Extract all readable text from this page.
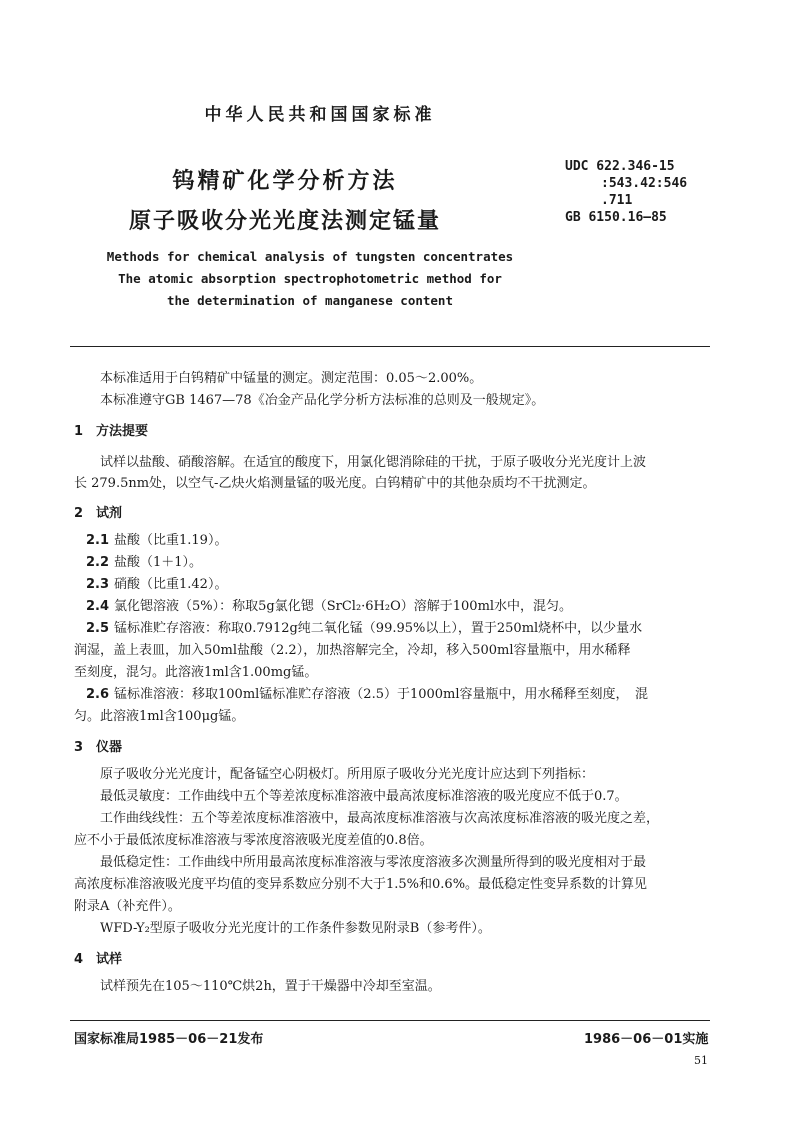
中华人民共和国国家标准
钨精矿化学分析方法
原子吸收分光光度法测定锰量
UDC 622.346-15
:543.42:546
.711
GB 6150.16—85
Methods for chemical analysis of tungsten concentrates
The atomic absorption spectrophotometric method for
the determination of manganese content
本标准适用于白钨精矿中锰量的测定。测定范围：0.05～2.00%。
本标准遵守GB 1467—78《冶金产品化学分析方法标准的总则及一般规定》。
1　方法提要
试样以盐酸、硝酸溶解。在适宜的酸度下，用氯化锶消除硅的干扰，于原子吸收分光光度计上波
长 279.5nm处，以空气-乙炔火焰测量锰的吸光度。白钨精矿中的其他杂质均不干扰测定。
2　试剂
2.1 盐酸（比重1.19）。
2.2 盐酸（1＋1）。
2.3 硝酸（比重1.42）。
2.4 氯化锶溶液（5%）：称取5g氯化锶（SrCl₂·6H₂O）溶解于100ml水中，混匀。
2.5 锰标准贮存溶液：称取0.7912g纯二氧化锰（99.95%以上），置于250ml烧杯中，以少量水
润湿，盖上表皿，加入50ml盐酸（2.2），加热溶解完全，冷却，移入500ml容量瓶中，用水稀释
至刻度，混匀。此溶液1ml含1.00mg锰。
2.6 锰标准溶液：移取100ml锰标准贮存溶液（2.5）于1000ml容量瓶中，用水稀释至刻度，　混
匀。此溶液1ml含100μg锰。
3　仪器
原子吸收分光光度计，配备锰空心阴极灯。所用原子吸收分光光度计应达到下列指标：
最低灵敏度：工作曲线中五个等差浓度标准溶液中最高浓度标准溶液的吸光度应不低于0.7。
工作曲线线性：五个等差浓度标准溶液中，最高浓度标准溶液与次高浓度标准溶液的吸光度之差，
应不小于最低浓度标准溶液与零浓度溶液吸光度差值的0.8倍。
最低稳定性：工作曲线中所用最高浓度标准溶液与零浓度溶液多次测量所得到的吸光度相对于最
高浓度标准溶液吸光度平均值的变异系数应分别不大于1.5%和0.6%。最低稳定性变异系数的计算见
附录A（补充件）。
WFD-Y₂型原子吸收分光光度计的工作条件参数见附录B（参考件）。
4　试样
试样预先在105～110℃烘2h，置于干燥器中冷却至室温。
国家标准局1985－06－21发布	1986－06－01实施
51
